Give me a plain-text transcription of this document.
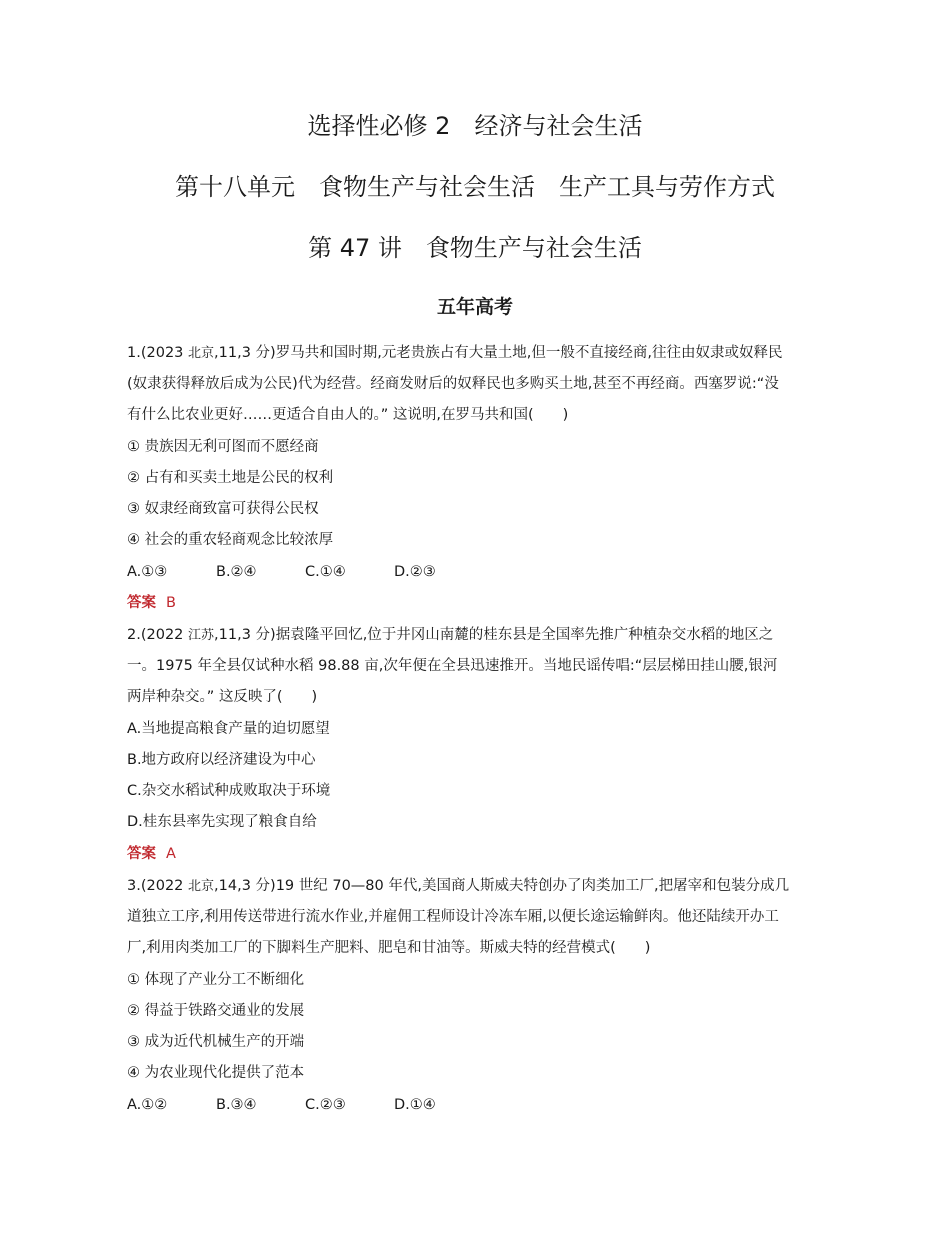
选择性必修 2　经济与社会生活
第十八单元　食物生产与社会生活　生产工具与劳作方式
第 47 讲　食物生产与社会生活
五年高考
1.(2023 北京,11,3 分)罗马共和国时期,元老贵族占有大量土地,但一般不直接经商,往往由奴隶或奴释民
(奴隶获得释放后成为公民)代为经营。经商发财后的奴释民也多购买土地,甚至不再经商。西塞罗说:“没
有什么比农业更好……更适合自由人的。” 这说明,在罗马共和国(　　)
① 贵族因无利可图而不愿经商
② 占有和买卖土地是公民的权利
③ 奴隶经商致富可获得公民权
④ 社会的重农轻商观念比较浓厚
A.①③	B.②④	C.①④	D.②③
答案 B
2.(2022 江苏,11,3 分)据袁隆平回忆,位于井冈山南麓的桂东县是全国率先推广种植杂交水稻的地区之
一。1975 年全县仅试种水稻 98.88 亩,次年便在全县迅速推开。当地民谣传唱:“层层梯田挂山腰,银河
两岸种杂交。” 这反映了(　　)
A.当地提高粮食产量的迫切愿望
B.地方政府以经济建设为中心
C.杂交水稻试种成败取决于环境
D.桂东县率先实现了粮食自给
答案 A
3.(2022 北京,14,3 分)19 世纪 70—80 年代,美国商人斯威夫特创办了肉类加工厂,把屠宰和包装分成几
道独立工序,利用传送带进行流水作业,并雇佣工程师设计冷冻车厢,以便长途运输鲜肉。他还陆续开办工
厂,利用肉类加工厂的下脚料生产肥料、肥皂和甘油等。斯威夫特的经营模式(　　)
① 体现了产业分工不断细化
② 得益于铁路交通业的发展
③ 成为近代机械生产的开端
④ 为农业现代化提供了范本
A.①②	B.③④	C.②③	D.①④
